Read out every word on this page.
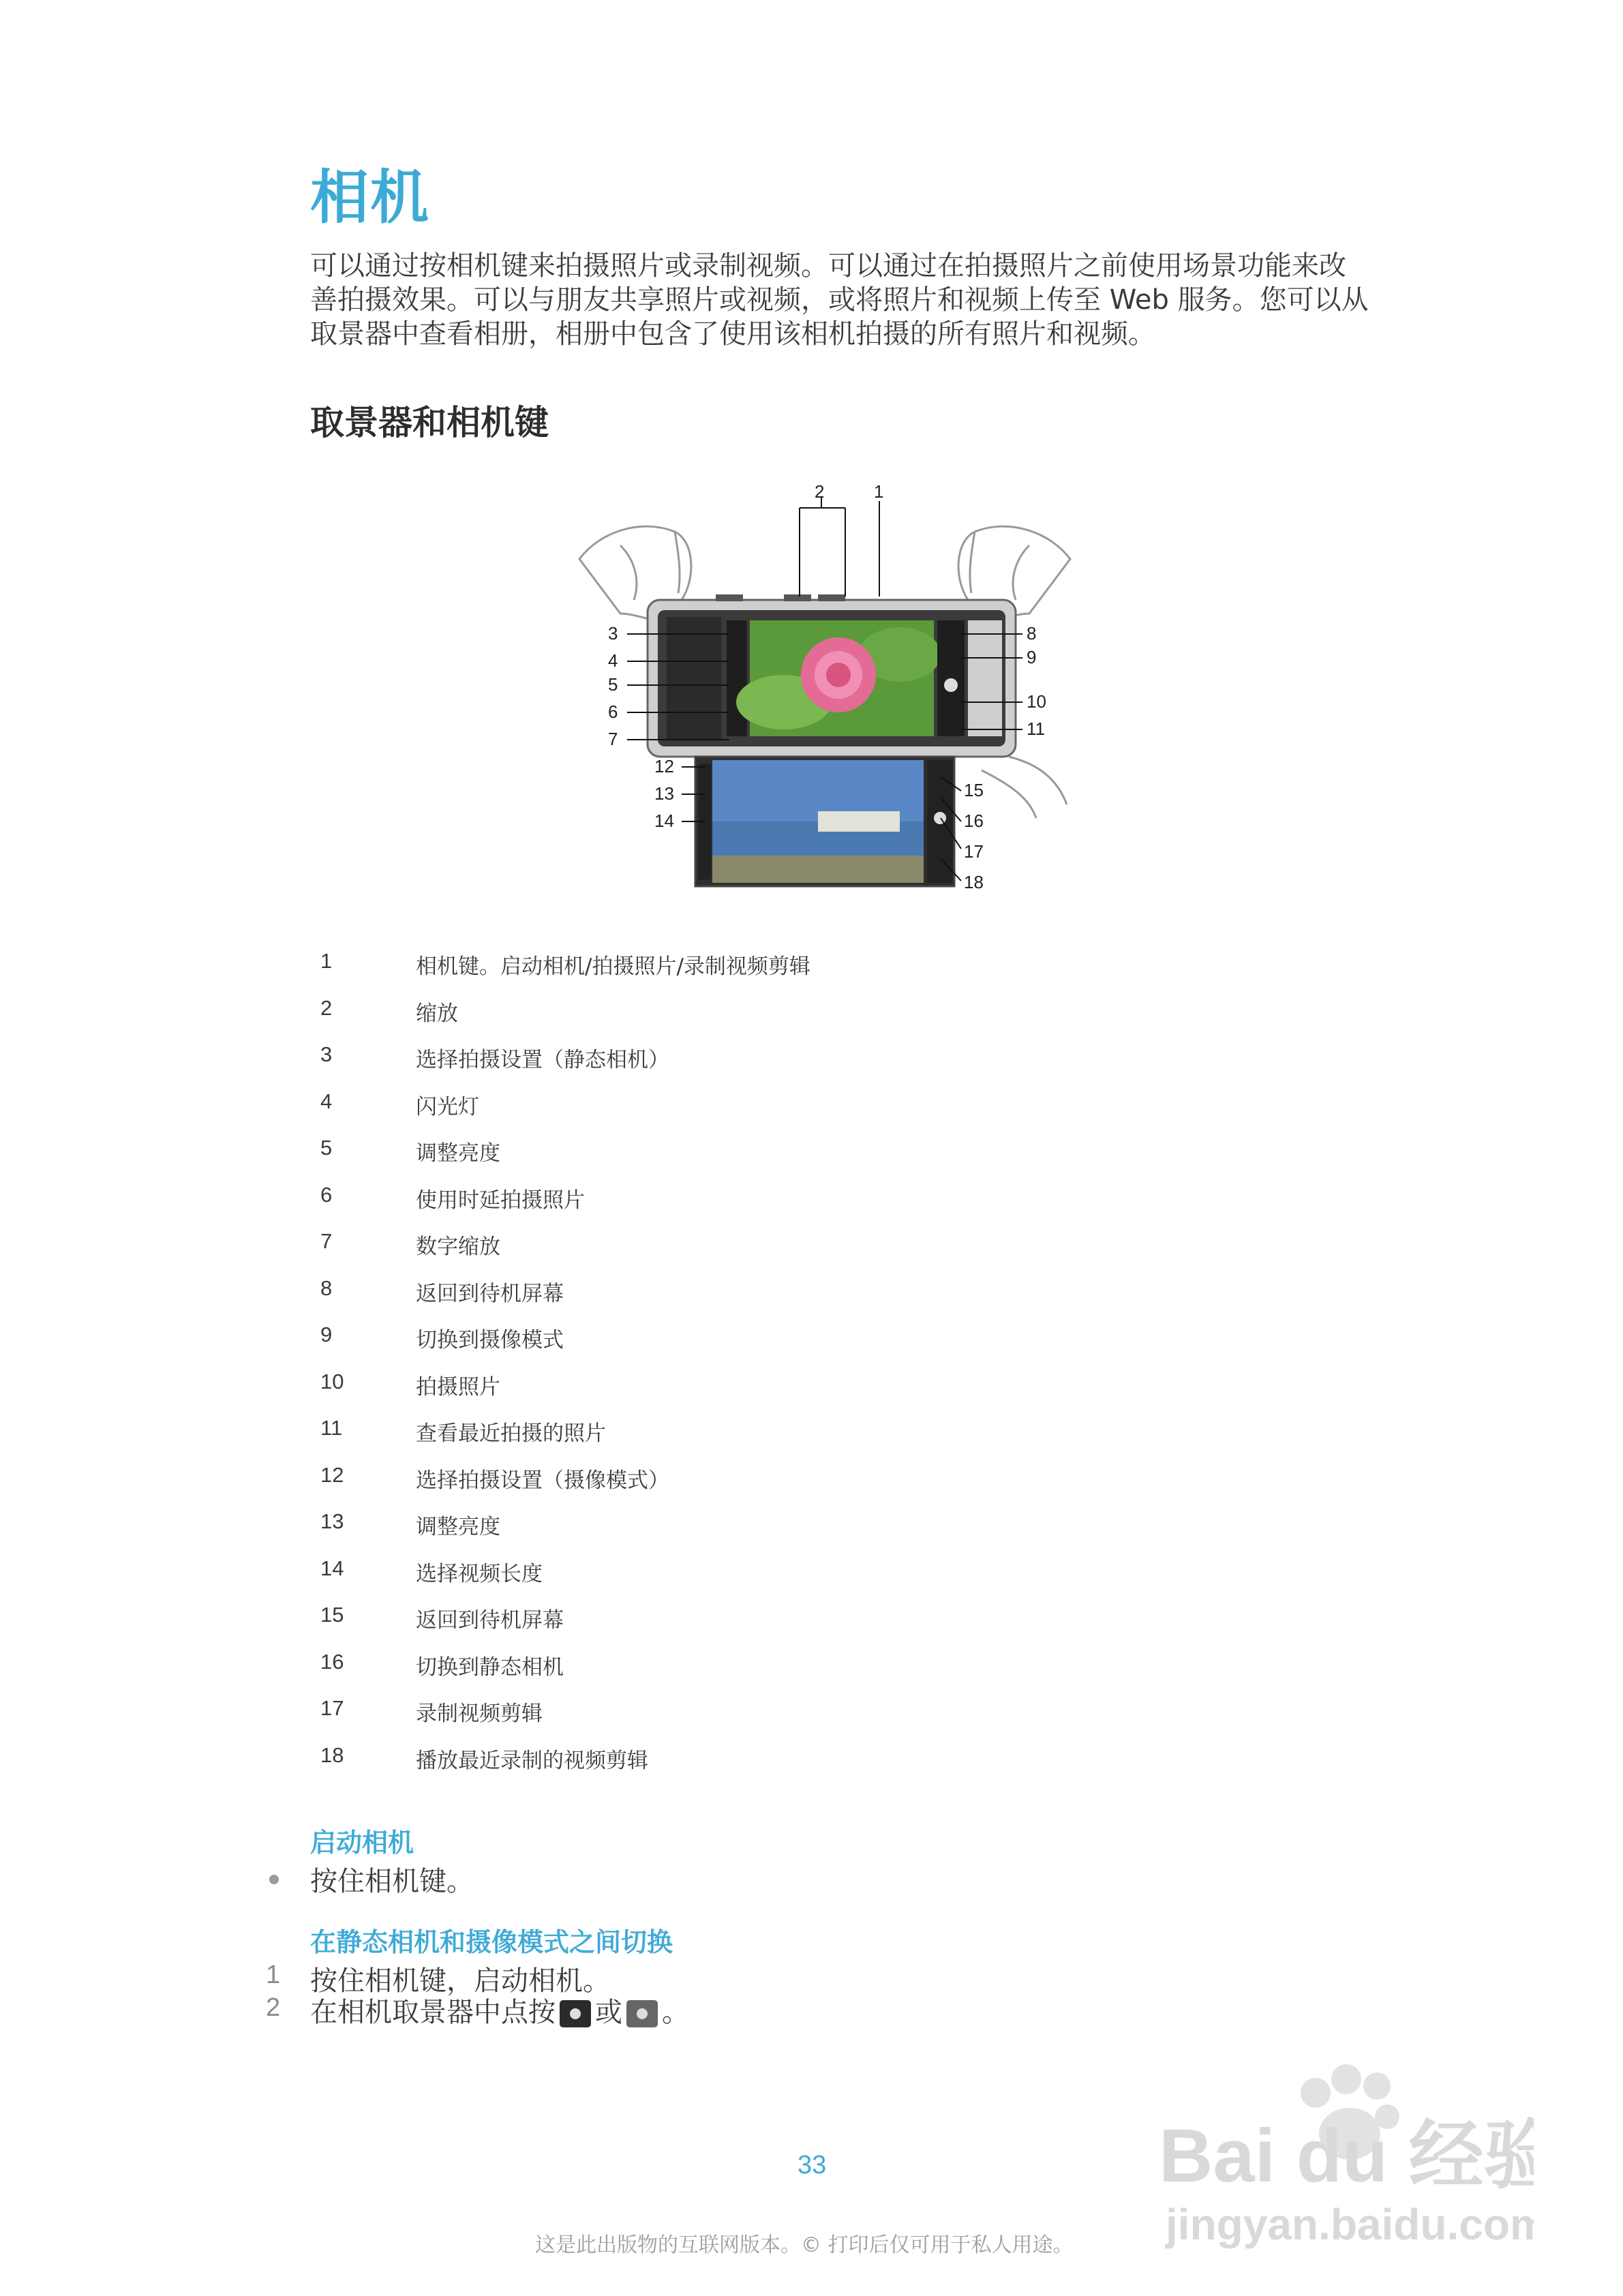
相机
可以通过按相机键来拍摄照片或录制视频。可以通过在拍摄照片之前使用场景功能来改
善拍摄效果。可以与朋友共享照片或视频，或将照片和视频上传至 Web 服务。您可以从
取景器中查看相册，相册中包含了使用该相机拍摄的所有照片和视频。
取景器和相机键
2	1
3
4
5
6
7
8
9
10
11
12
13
14
15
16
17
18
1	相机键。启动相机/拍摄照片/录制视频剪辑
2	缩放
3	选择拍摄设置（静态相机）
4	闪光灯
5	调整亮度
6	使用时延拍摄照片
7	数字缩放
8	返回到待机屏幕
9	切换到摄像模式
10	拍摄照片
11	查看最近拍摄的照片
12	选择拍摄设置（摄像模式）
13	调整亮度
14	选择视频长度
15	返回到待机屏幕
16	切换到静态相机
17	录制视频剪辑
18	播放最近录制的视频剪辑
启动相机
按住相机键。
在静态相机和摄像模式之间切换
1 按住相机键，启动相机。
2 在相机取景器中点按 或 。
33
这是此出版物的互联网版本。© 打印后仅可用于私人用途。
Bai du 经验
jingyan.baidu.com
